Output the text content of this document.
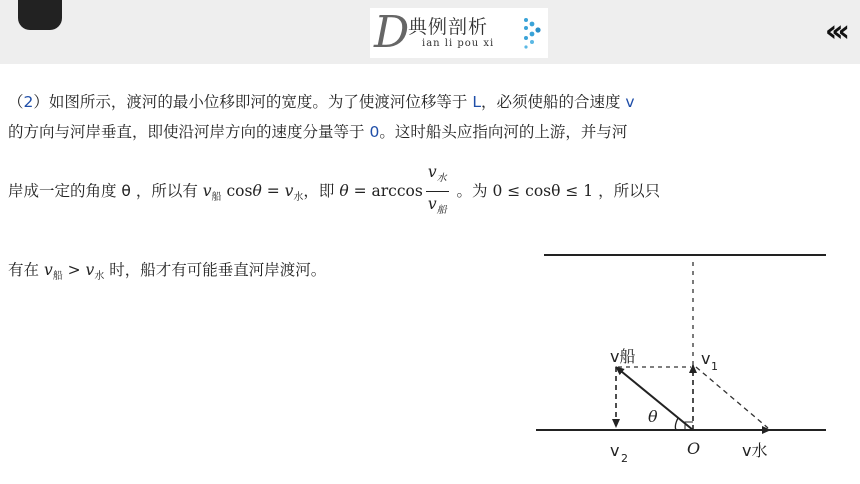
D
典例剖析
ian li pou xi	‹‹‹
（2）如图所示，渡河的最小位移即河的宽度。为了使渡河位移等于 L，必须使船的合速度 v
的方向与河岸垂直，即使沿河岸方向的速度分量等于 0。这时船头应指向河的上游，并与河
岸成一定的角度 θ ，所以有 $v_船$ $\cos\theta = v_水$，即 $\theta = \arccos \frac{v_水}{v_船}$ 。为 0 ≤ cosθ ≤ 1 ，所以只
有在 $v_船 > v_水$ 时，船才有可能垂直河岸渡河。
v船	v 1
θ
v 2
O	v水
